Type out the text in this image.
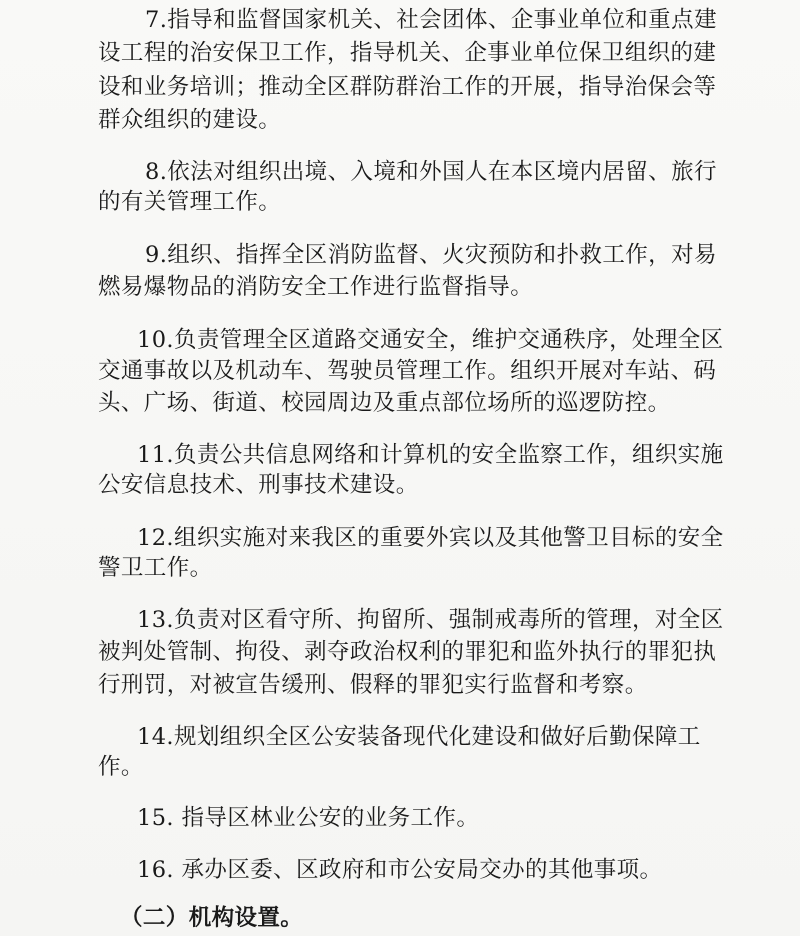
7.指导和监督国家机关、社会团体、企事业单位和重点建
设工程的治安保卫工作，指导机关、企事业单位保卫组织的建
设和业务培训；推动全区群防群治工作的开展，指导治保会等
群众组织的建设。
8.依法对组织出境、入境和外国人在本区境内居留、旅行
的有关管理工作。
9.组织、指挥全区消防监督、火灾预防和扑救工作，对易
燃易爆物品的消防安全工作进行监督指导。
10.负责管理全区道路交通安全，维护交通秩序，处理全区
交通事故以及机动车、驾驶员管理工作。组织开展对车站、码
头、广场、街道、校园周边及重点部位场所的巡逻防控。
11.负责公共信息网络和计算机的安全监察工作，组织实施
公安信息技术、刑事技术建设。
12.组织实施对来我区的重要外宾以及其他警卫目标的安全
警卫工作。
13.负责对区看守所、拘留所、强制戒毒所的管理，对全区
被判处管制、拘役、剥夺政治权利的罪犯和监外执行的罪犯执
行刑罚，对被宣告缓刑、假释的罪犯实行监督和考察。
14.规划组织全区公安装备现代化建设和做好后勤保障工
作。
15. 指导区林业公安的业务工作。
16. 承办区委、区政府和市公安局交办的其他事项。
（二）机构设置。
